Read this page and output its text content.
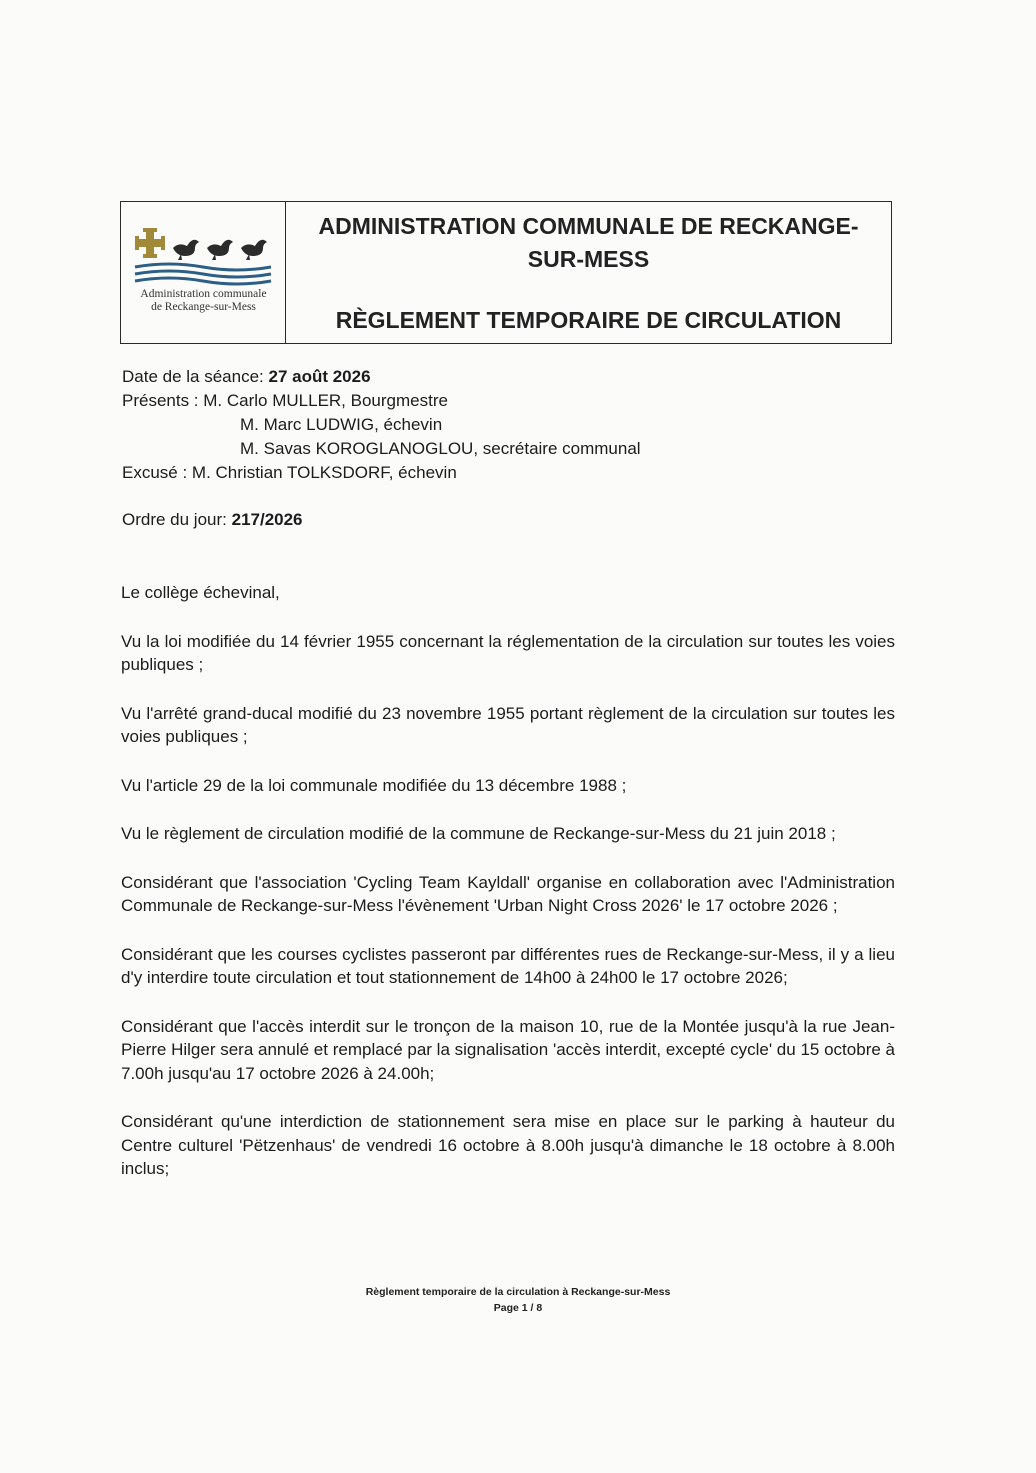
Administration communale
de Reckange-sur-Mess
ADMINISTRATION COMMUNALE DE RECKANGE-SUR-MESS
RÈGLEMENT TEMPORAIRE DE CIRCULATION
Date de la séance: 27 août 2026
Présents : M. Carlo MULLER, Bourgmestre
M. Marc LUDWIG, échevin
M. Savas KOROGLANOGLOU, secrétaire communal
Excusé : M. Christian TOLKSDORF, échevin
Ordre du jour: 217/2026

Le collège échevinal,

Vu la loi modifiée du 14 février 1955 concernant la réglementation de la circulation sur toutes les voies publiques ;

Vu l'arrêté grand-ducal modifié du 23 novembre 1955 portant règlement de la circulation sur toutes les voies publiques ;

Vu l'article 29 de la loi communale modifiée du 13 décembre 1988 ;

Vu le règlement de circulation modifié de la commune de Reckange-sur-Mess du 21 juin 2018 ;

Considérant que l'association 'Cycling Team Kayldall' organise en collaboration avec l'Administration Communale de Reckange-sur-Mess l'évènement 'Urban Night Cross 2026' le 17 octobre 2026 ;

Considérant que les courses cyclistes passeront par différentes rues de Reckange-sur-Mess, il y a lieu d'y interdire toute circulation et tout stationnement de 14h00 à 24h00 le 17 octobre 2026;

Considérant que l'accès interdit sur le tronçon de la maison 10, rue de la Montée jusqu'à la rue Jean-Pierre Hilger sera annulé et remplacé par la signalisation 'accès interdit, excepté cycle' du 15 octobre à 7.00h jusqu'au 17 octobre 2026 à 24.00h;

Considérant qu'une interdiction de stationnement sera mise en place sur le parking à hauteur du Centre culturel 'Pëtzenhaus' de vendredi 16 octobre à 8.00h jusqu'à dimanche le 18 octobre à 8.00h inclus;

Règlement temporaire de la circulation à Reckange-sur-Mess
Page 1 / 8
